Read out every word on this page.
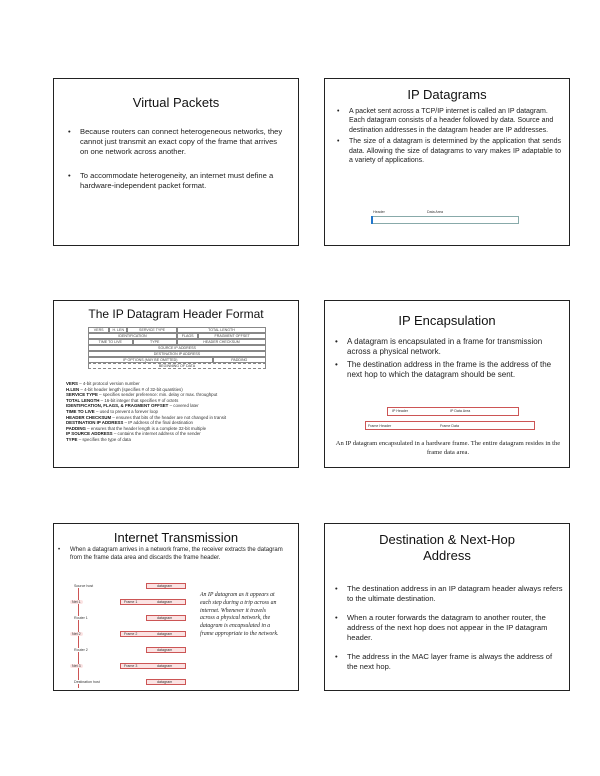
Virtual Packets
• Because routers can connect heterogeneous networks, they cannot just transmit an exact copy of the frame that arrives on one network across another.
• To accommodate heterogeneity, an internet must define a hardware-independent packet format.
IP Datagrams
• A packet sent across a TCP/IP internet is called an IP datagram. Each datagram consists of a header followed by data. Source and destination addresses in the datagram header are IP addresses.
• The size of a datagram is determined by the application that sends data. Allowing the size of datagrams to vary makes IP adaptable to a variety of applications.
Header	Data Area
The IP Datagram Header Format
VERS	H. LEN	SERVICE TYPE	TOTAL LENGTH
IDENTIFICATION	FLAGS	FRAGMENT OFFSET
TIME TO LIVE	TYPE	HEADER CHECKSUM
SOURCE IP ADDRESS
DESTINATION IP ADDRESS
IP OPTIONS (MAY BE OMITTED)	PADDING
BEGINNING OF DATA
VERS – 4-bit protocol version number
H.LEN – 4-bit header length (specifies # of 32-bit quantities)
SERVICE TYPE – specifies sender preference: min. delay or max. throughput
TOTAL LENGTH – 16-bit integer that specifies # of octets
IDENTIFICATION, FLAGS, & FRAGMENT OFFSET – covered later
TIME TO LIVE – used to prevent a forever loop
HEADER CHECKSUM – ensures that bits of the header are not changed in transit
DESTINATION IP ADDRESS – IP address of the final destination
PADDING – ensures that the header length is a complete 32-bit multiple
IP SOURCE ADDRESS – contains the internet address of the sender
TYPE – specifies the type of data
IP Encapsulation
• A datagram is encapsulated in a frame for transmission across a physical network.
• The destination address in the frame is the address of the next hop to which the datagram should be sent.
IP Header	IP Data Area
Frame Header	Frame Data
An IP datagram encapsulated in a hardware frame. The entire datagram resides in the frame data area.
Internet Transmission
• When a datagram arrives in a network frame, the receiver extracts the datagram from the frame data area and discards the frame header.
Source host
Net 1
Router 1
Net 2
Router 2
Net 3
Destination host
datagram
Frame 1	datagram
datagram
Frame 2	datagram
datagram
Frame 3	datagram
datagram
An IP datagram as it appears at each step during a trip across an internet. Whenever it travels across a physical network, the datagram is encapsulated in a frame appropriate to the network.
Destination & Next-Hop Address
• The destination address in an IP datagram header always refers to the ultimate destination.
• When a router forwards the datagram to another router, the address of the next hop does not appear in the IP datagram header.
• The address in the MAC layer frame is always the address of the next hop.
